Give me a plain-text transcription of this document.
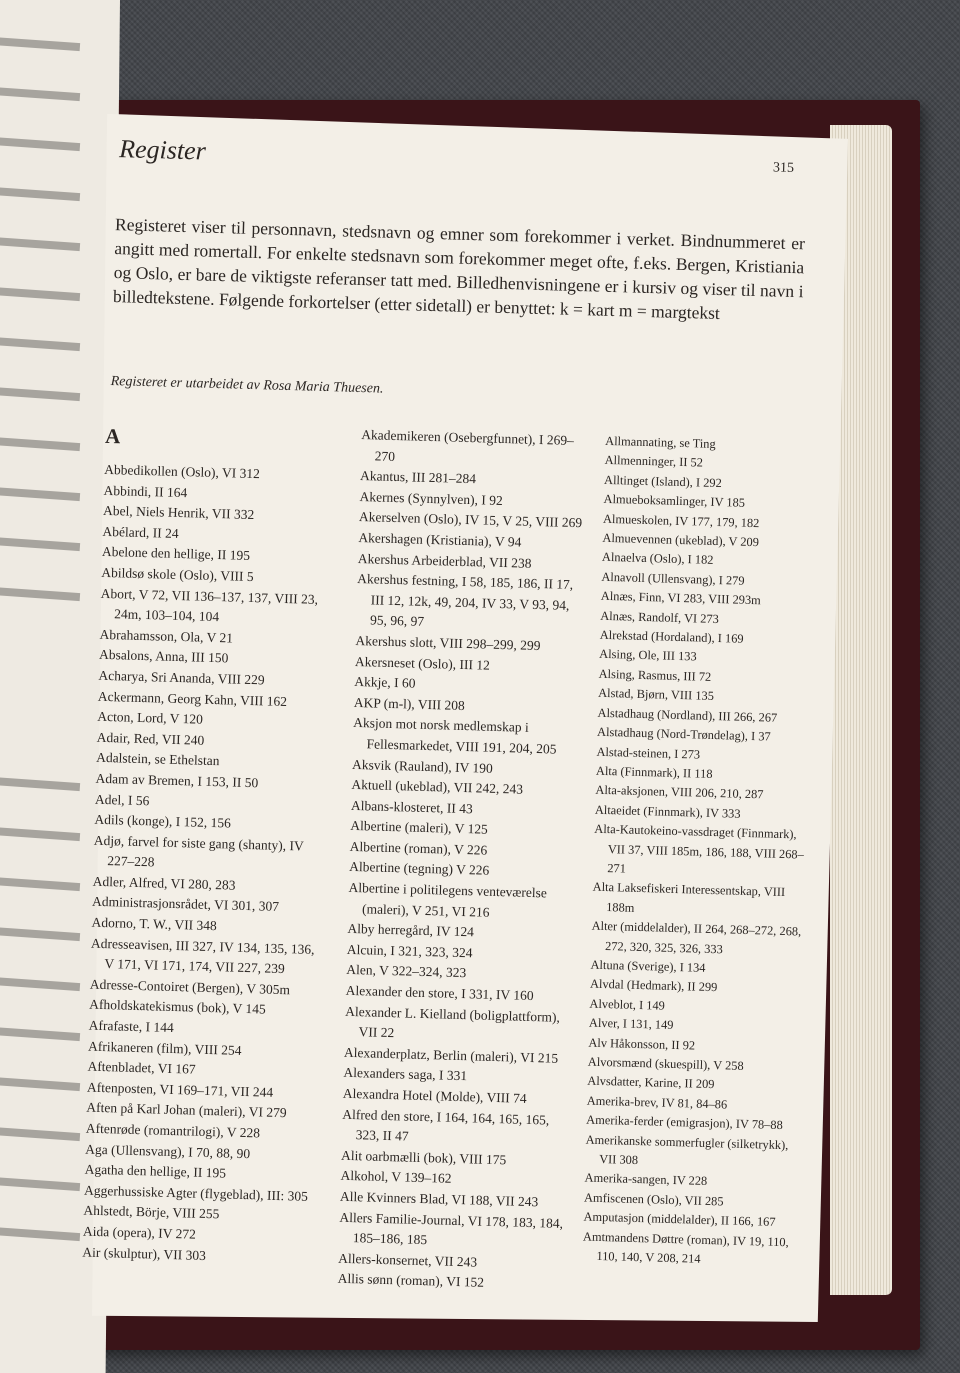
Register
315
Registeret viser til personnavn, stedsnavn og emner som forekommer i verket. Bindnummeret er angitt med romertall. For enkelte stedsnavn som forekommer meget ofte, f.eks. Bergen, Kristiania og Oslo, er bare de viktigste referanser tatt med. Billedhenvisningene er i kursiv og viser til navn i billedtekstene. Følgende forkortelser (etter sidetall) er benyttet: k = kart m = margtekst
Registeret er utarbeidet av Rosa Maria Thuesen.
A
Abbedikollen (Oslo), VI 312
Abbindi, II 164
Abel, Niels Henrik, VII 332
Abélard, II 24
Abelone den hellige, II 195
Abildsø skole (Oslo), VIII 5
Abort, V 72, VII 136–137, 137, VIII 23, 24m, 103–104, 104
Abrahamsson, Ola, V 21
Absalons, Anna, III 150
Acharya, Sri Ananda, VIII 229
Ackermann, Georg Kahn, VIII 162
Acton, Lord, V 120
Adair, Red, VII 240
Adalstein, se Ethelstan
Adam av Bremen, I 153, II 50
Adel, I 56
Adils (konge), I 152, 156
Adjø, farvel for siste gang (shanty), IV 227–228
Adler, Alfred, VI 280, 283
Administrasjonsrådet, VI 301, 307
Adorno, T. W., VII 348
Adresseavisen, III 327, IV 134, 135, 136, V 171, VI 171, 174, VII 227, 239
Adresse-Contoiret (Bergen), V 305m
Afholdskatekismus (bok), V 145
Afrafaste, I 144
Afrikaneren (film), VIII 254
Aftenbladet, VI 167
Aftenposten, VI 169–171, VII 244
Aften på Karl Johan (maleri), VI 279
Aftenrøde (romantrilogi), V 228
Aga (Ullensvang), I 70, 88, 90
Agatha den hellige, II 195
Aggerhussiske Agter (flygeblad), III: 305
Ahlstedt, Börje, VIII 255
Aida (opera), IV 272
Air (skulptur), VII 303
Akademikeren (Osebergfunnet), I 269–270
Akantus, III 281–284
Akernes (Synnylven), I 92
Akerselven (Oslo), IV 15, V 25, VIII 269
Akershagen (Kristiania), V 94
Akershus Arbeiderblad, VII 238
Akershus festning, I 58, 185, 186, II 17, III 12, 12k, 49, 204, IV 33, V 93, 94, 95, 96, 97
Akershus slott, VIII 298–299, 299
Akersneset (Oslo), III 12
Akkje, I 60
AKP (m-l), VIII 208
Aksjon mot norsk medlemskap i Fellesmarkedet, VIII 191, 204, 205
Aksvik (Rauland), IV 190
Aktuell (ukeblad), VII 242, 243
Albans-klosteret, II 43
Albertine (maleri), V 125
Albertine (roman), V 226
Albertine (tegning) V 226
Albertine i politilegens venteværelse (maleri), V 251, VI 216
Alby herregård, IV 124
Alcuin, I 321, 323, 324
Alen, V 322–324, 323
Alexander den store, I 331, IV 160
Alexander L. Kielland (boligplattform), VII 22
Alexanderplatz, Berlin (maleri), VI 215
Alexanders saga, I 331
Alexandra Hotel (Molde), VIII 74
Alfred den store, I 164, 164, 165, 165, 323, II 47
Alit oarbmælli (bok), VIII 175
Alkohol, V 139–162
Alle Kvinners Blad, VI 188, VII 243
Allers Familie-Journal, VI 178, 183, 184, 185–186, 185
Allers-konsernet, VII 243
Allis sønn (roman), VI 152
Allmannating, se Ting
Allmenninger, II 52
Alltinget (Island), I 292
Almueboksamlinger, IV 185
Almueskolen, IV 177, 179, 182
Almuevennen (ukeblad), V 209
Alnaelva (Oslo), I 182
Alnavoll (Ullensvang), I 279
Alnæs, Finn, VI 283, VIII 293m
Alnæs, Randolf, VI 273
Alrekstad (Hordaland), I 169
Alsing, Ole, III 133
Alsing, Rasmus, III 72
Alstad, Bjørn, VIII 135
Alstadhaug (Nordland), III 266, 267
Alstadhaug (Nord-Trøndelag), I 37
Alstad-steinen, I 273
Alta (Finnmark), II 118
Alta-aksjonen, VIII 206, 210, 287
Altaeidet (Finnmark), IV 333
Alta-Kautokeino-vassdraget (Finnmark), VII 37, VIII 185m, 186, 188, VIII 268–271
Alta Laksefiskeri Interessentskap, VIII 188m
Alter (middelalder), II 264, 268–272, 268, 272, 320, 325, 326, 333
Altuna (Sverige), I 134
Alvdal (Hedmark), II 299
Alveblot, I 149
Alver, I 131, 149
Alv Håkonsson, II 92
Alvorsmænd (skuespill), V 258
Alvsdatter, Karine, II 209
Amerika-brev, IV 81, 84–86
Amerika-ferder (emigrasjon), IV 78–88
Amerikanske sommerfugler (silketrykk), VII 308
Amerika-sangen, IV 228
Amfiscenen (Oslo), VII 285
Amputasjon (middelalder), II 166, 167
Amtmandens Døttre (roman), IV 19, 110, 110, 140, V 208, 214
